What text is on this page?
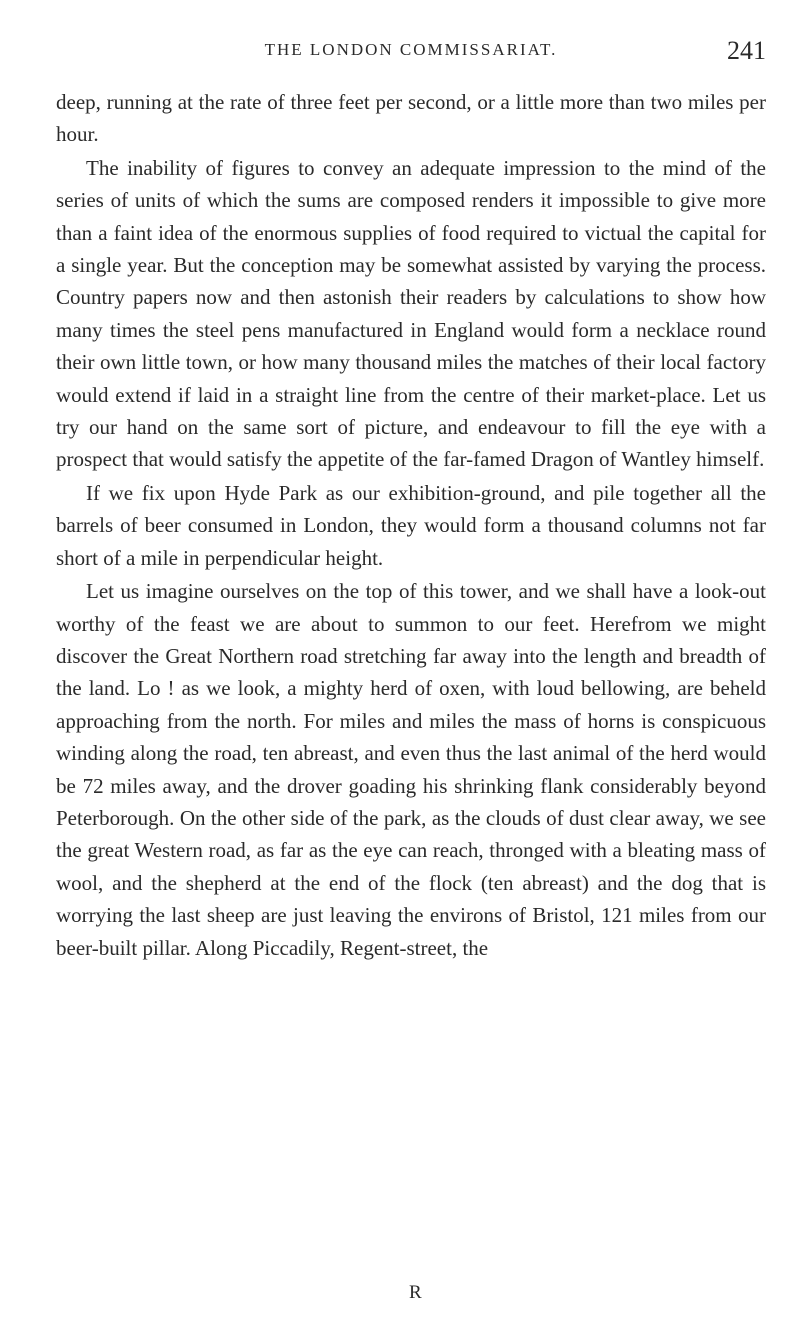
THE LONDON COMMISSARIAT.	241

deep, running at the rate of three feet per second, or a little more than two miles per hour.

The inability of figures to convey an adequate impression to the mind of the series of units of which the sums are composed renders it impossible to give more than a faint idea of the enormous supplies of food required to victual the capital for a single year. But the conception may be somewhat assisted by varying the process. Country papers now and then astonish their readers by calculations to show how many times the steel pens manufactured in England would form a necklace round their own little town, or how many thousand miles the matches of their local factory would extend if laid in a straight line from the centre of their market-place. Let us try our hand on the same sort of picture, and endeavour to fill the eye with a prospect that would satisfy the appetite of the far-famed Dragon of Wantley himself.

If we fix upon Hyde Park as our exhibition-ground, and pile together all the barrels of beer consumed in London, they would form a thousand columns not far short of a mile in perpendicular height.

Let us imagine ourselves on the top of this tower, and we shall have a look-out worthy of the feast we are about to summon to our feet. Herefrom we might discover the Great Northern road stretching far away into the length and breadth of the land. Lo ! as we look, a mighty herd of oxen, with loud bellowing, are beheld approaching from the north. For miles and miles the mass of horns is conspicuous winding along the road, ten abreast, and even thus the last animal of the herd would be 72 miles away, and the drover goading his shrinking flank considerably beyond Peterborough. On the other side of the park, as the clouds of dust clear away, we see the great Western road, as far as the eye can reach, thronged with a bleating mass of wool, and the shepherd at the end of the flock (ten abreast) and the dog that is worrying the last sheep are just leaving the environs of Bristol, 121 miles from our beer-built pillar. Along Piccadily, Regent-street, the

R
